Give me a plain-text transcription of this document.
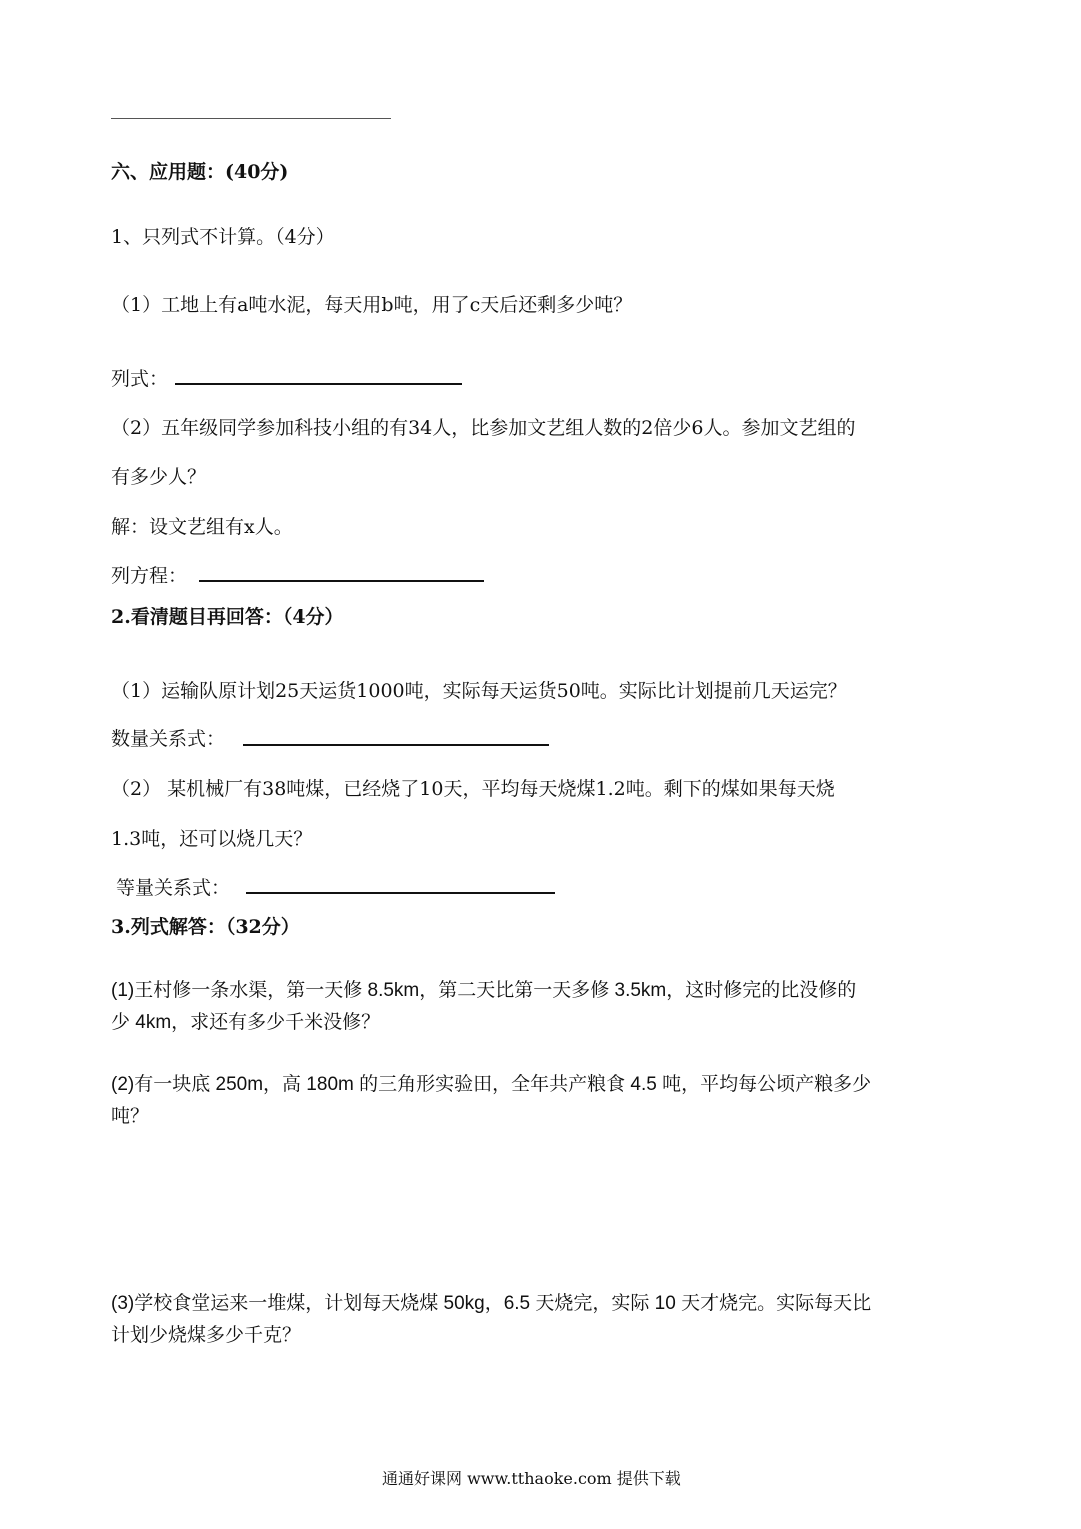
六、应用题：(40分)
1、只列式不计算。（4分）
（1）工地上有a吨水泥，每天用b吨，用了c天后还剩多少吨？
列式：
（2）五年级同学参加科技小组的有34人，比参加文艺组人数的2倍少6人。参加文艺组的
有多少人？
解：设文艺组有x人。
列方程：
2.看清题目再回答：（4分）
（1）运输队原计划25天运货1000吨，实际每天运货50吨。实际比计划提前几天运完？
数量关系式：
（2） 某机械厂有38吨煤，已经烧了10天，平均每天烧煤1.2吨。剩下的煤如果每天烧
1.3吨，还可以烧几天？
等量关系式：
3.列式解答：（32分）
(1)王村修一条水渠，第一天修 8.5km，第二天比第一天多修 3.5km，这时修完的比没修的
少 4km，求还有多少千米没修？
(2)有一块底 250m，高 180m 的三角形实验田，全年共产粮食 4.5 吨，平均每公顷产粮多少
吨？
(3)学校食堂运来一堆煤，计划每天烧煤 50kg，6.5 天烧完，实际 10 天才烧完。实际每天比
计划少烧煤多少千克？
通通好课网 www.tthaoke.com 提供下载
